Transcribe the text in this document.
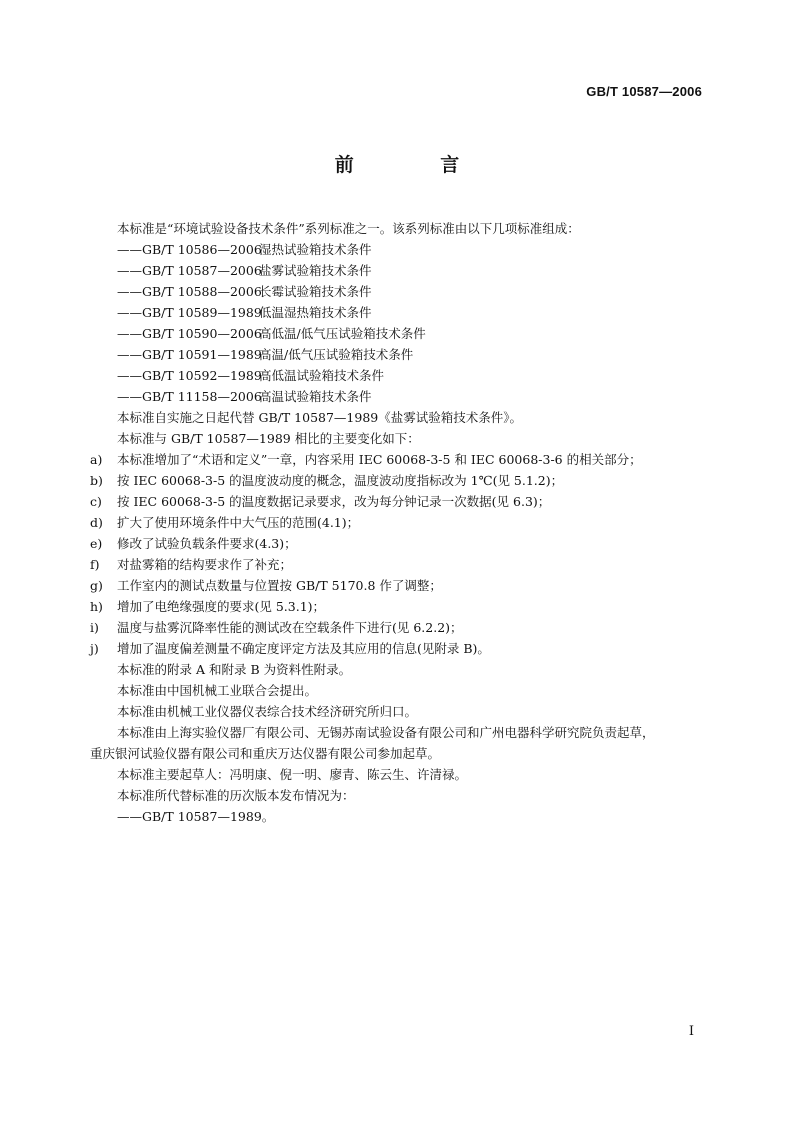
GB/T 10587—2006
前 言
本标准是“环境试验设备技术条件”系列标准之一。该系列标准由以下几项标准组成：
——GB/T 10586—2006
湿热试验箱技术条件
——GB/T 10587—2006
盐雾试验箱技术条件
——GB/T 10588—2006
长霉试验箱技术条件
——GB/T 10589—1989
低温湿热箱技术条件
——GB/T 10590—2006
高低温/低气压试验箱技术条件
——GB/T 10591—1989
高温/低气压试验箱技术条件
——GB/T 10592—1989
高低温试验箱技术条件
——GB/T 11158—2006
高温试验箱技术条件
本标准自实施之日起代替 GB/T 10587—1989《盐雾试验箱技术条件》。
本标准与 GB/T 10587—1989 相比的主要变化如下：
a) 本标准增加了“术语和定义”一章，内容采用 IEC 60068-3-5 和 IEC 60068-3-6 的相关部分；
b) 按 IEC 60068-3-5 的温度波动度的概念，温度波动度指标改为 1℃(见 5.1.2)；
c) 按 IEC 60068-3-5 的温度数据记录要求，改为每分钟记录一次数据(见 6.3)；
d) 扩大了使用环境条件中大气压的范围(4.1)；
e) 修改了试验负载条件要求(4.3)；
f) 对盐雾箱的结构要求作了补充；
g) 工作室内的测试点数量与位置按 GB/T 5170.8 作了调整；
h) 增加了电绝缘强度的要求(见 5.3.1)；
i) 温度与盐雾沉降率性能的测试改在空载条件下进行(见 6.2.2)；
j) 增加了温度偏差测量不确定度评定方法及其应用的信息(见附录 B)。
本标准的附录 A 和附录 B 为资料性附录。
本标准由中国机械工业联合会提出。
本标准由机械工业仪器仪表综合技术经济研究所归口。
本标准由上海实验仪器厂有限公司、无锡苏南试验设备有限公司和广州电器科学研究院负责起草，
重庆银河试验仪器有限公司和重庆万达仪器有限公司参加起草。
本标准主要起草人：冯明康、倪一明、廖青、陈云生、许清禄。
本标准所代替标准的历次版本发布情况为：
——GB/T 10587—1989。
I
